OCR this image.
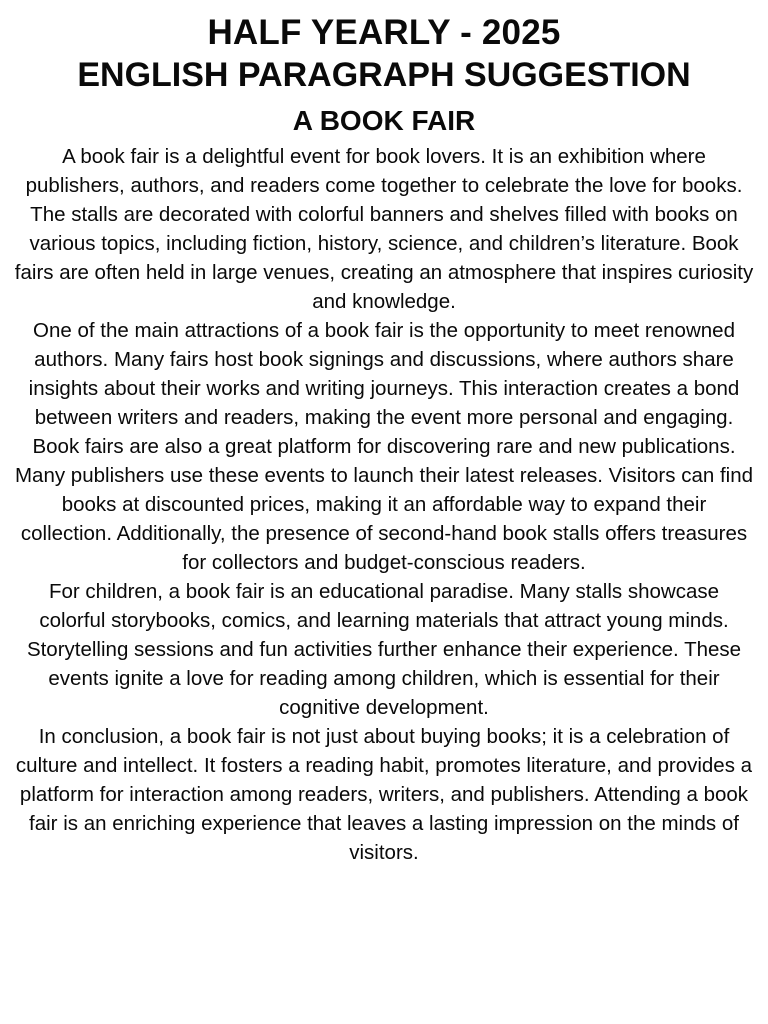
HALF YEARLY - 2025
ENGLISH PARAGRAPH SUGGESTION
A BOOK FAIR

A book fair is a delightful event for book lovers. It is an exhibition where publishers, authors, and readers come together to celebrate the love for books. The stalls are decorated with colorful banners and shelves filled with books on various topics, including fiction, history, science, and children’s literature. Book fairs are often held in large venues, creating an atmosphere that inspires curiosity and knowledge.

One of the main attractions of a book fair is the opportunity to meet renowned authors. Many fairs host book signings and discussions, where authors share insights about their works and writing journeys. This interaction creates a bond between writers and readers, making the event more personal and engaging.

Book fairs are also a great platform for discovering rare and new publications. Many publishers use these events to launch their latest releases. Visitors can find books at discounted prices, making it an affordable way to expand their collection. Additionally, the presence of second-hand book stalls offers treasures for collectors and budget-conscious readers.

For children, a book fair is an educational paradise. Many stalls showcase colorful storybooks, comics, and learning materials that attract young minds. Storytelling sessions and fun activities further enhance their experience. These events ignite a love for reading among children, which is essential for their cognitive development.

In conclusion, a book fair is not just about buying books; it is a celebration of culture and intellect. It fosters a reading habit, promotes literature, and provides a platform for interaction among readers, writers, and publishers. Attending a book fair is an enriching experience that leaves a lasting impression on the minds of visitors.
